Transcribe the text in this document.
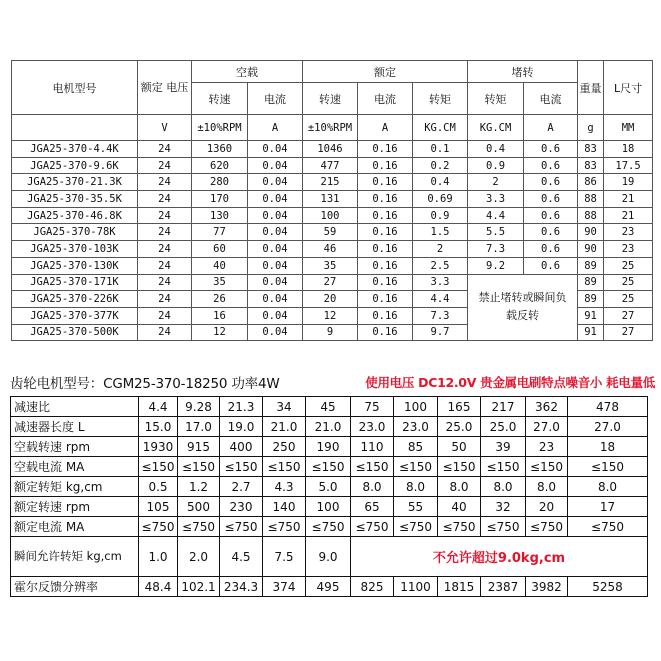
电机型号	额定 电压	空载		额定			堵转		重量	L尺寸
		转速	电流	转速	电流	转矩	转矩	电流		
	V	±10%RPM	A	±10%RPM	A	KG.CM	KG.CM	A	g	MM
JGA25-370-4.4K	24	1360	0.04	1046	0.16	0.1	0.4	0.6	83	18
JGA25-370-9.6K	24	620	0.04	477	0.16	0.2	0.9	0.6	83	17.5
JGA25-370-21.3K	24	280	0.04	215	0.16	0.4	2	0.6	86	19
JGA25-370-35.5K	24	170	0.04	131	0.16	0.69	3.3	0.6	88	21
JGA25-370-46.8K	24	130	0.04	100	0.16	0.9	4.4	0.6	88	21
JGA25-370-78K	24	77	0.04	59	0.16	1.5	5.5	0.6	90	23
JGA25-370-103K	24	60	0.04	46	0.16	2	7.3	0.6	90	23
JGA25-370-130K	24	40	0.04	35	0.16	2.5	9.2	0.6	89	25
JGA25-370-171K	24	35	0.04	27	0.16	3.3	禁止堵转或瞬间负载反转		89	25
JGA25-370-226K	24	26	0.04	20	0.16	4.4			89	25
JGA25-370-377K	24	16	0.04	12	0.16	7.3			91	27
JGA25-370-500K	24	12	0.04	9	0.16	9.7			91	27
齿轮电机型号：CGM25-370-18250 功率4W	使用电压 DC12.0V 贵金属电刷特点噪音小 耗电量低
减速比	4.4	9.28	21.3	34	45	75	100	165	217	362	478
减速器长度 L	15.0	17.0	19.0	21.0	21.0	23.0	23.0	25.0	25.0	27.0	27.0
空载转速 rpm	1930	915	400	250	190	110	85	50	39	23	18
空载电流 MA	≤150	≤150	≤150	≤150	≤150	≤150	≤150	≤150	≤150	≤150	≤150
额定转矩 kg,cm	0.5	1.2	2.7	4.3	5.0	8.0	8.0	8.0	8.0	8.0	8.0
额定转速 rpm	105	500	230	140	100	65	55	40	32	20	17
额定电流 MA	≤750	≤750	≤750	≤750	≤750	≤750	≤750	≤750	≤750	≤750	≤750
瞬间允许转矩 kg,cm	1.0	2.0	4.5	7.5	9.0	不允许超过9.0kg,cm					
霍尔反馈分辨率	48.4	102.1	234.3	374	495	825	1100	1815	2387	3982	5258
